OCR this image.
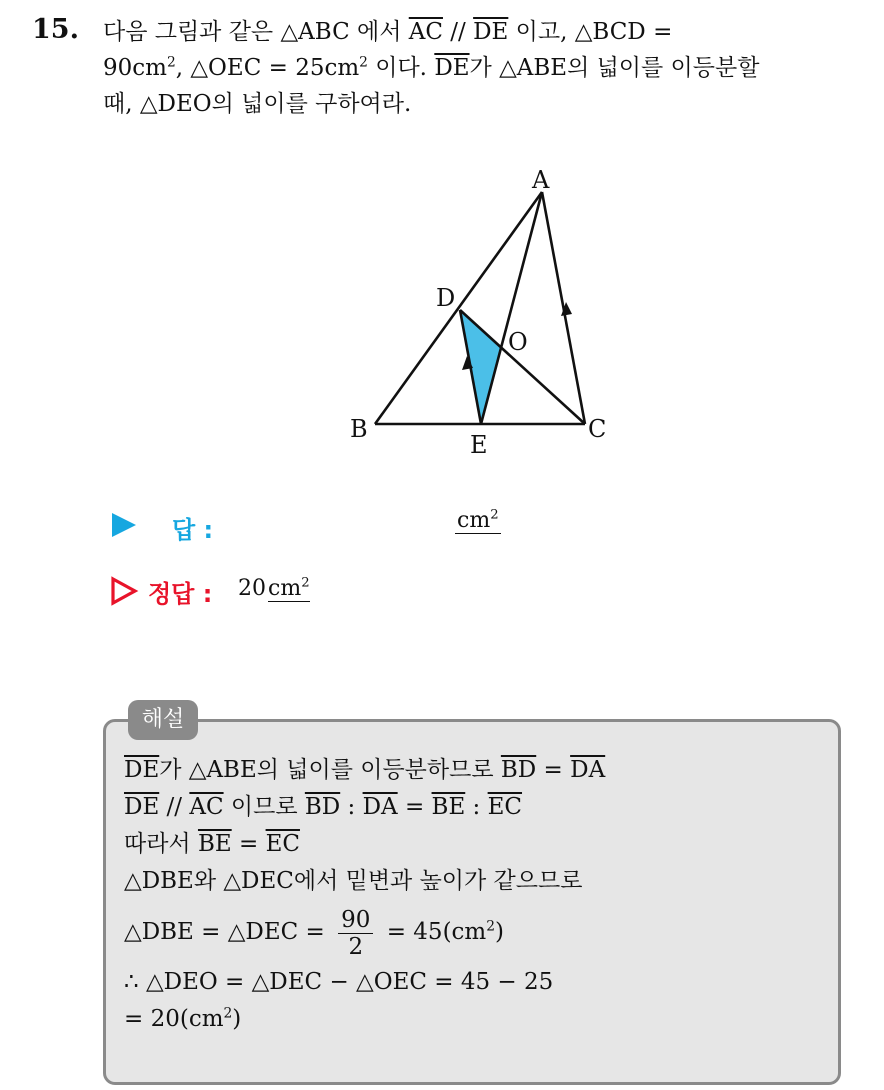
15. 다음 그림과 같은 △ABC 에서 $\overline{AC} // \overline{DE}$ 이고, △BCD =
$90cm^2$, △OEC = $25cm^2$ 이다. $\overline{DE}$가 △ABE의 넓이를 이등분할
때, △DEO의 넓이를 구하여라.
A
B	C
D
E
O
답 :	$cm^2$
정답 : $20cm^2$
해설
$\overline{DE}$가 △ABE의 넓이를 이등분하므로 $\overline{BD} = \overline{DA}$
$\overline{DE} // \overline{AC}$ 이므로 $\overline{BD}$ : $\overline{DA} = \overline{BE}$ : $\overline{EC}$
따라서 $\overline{BE} = \overline{EC}$
△DBE와 △DEC에서 밑변과 높이가 같으므로
△DBE = △DEC = $\frac{90}{2} = 45(cm^2)$
∴ △DEO = △DEC − △OEC = 45 − 25
= $20(cm^2)$
